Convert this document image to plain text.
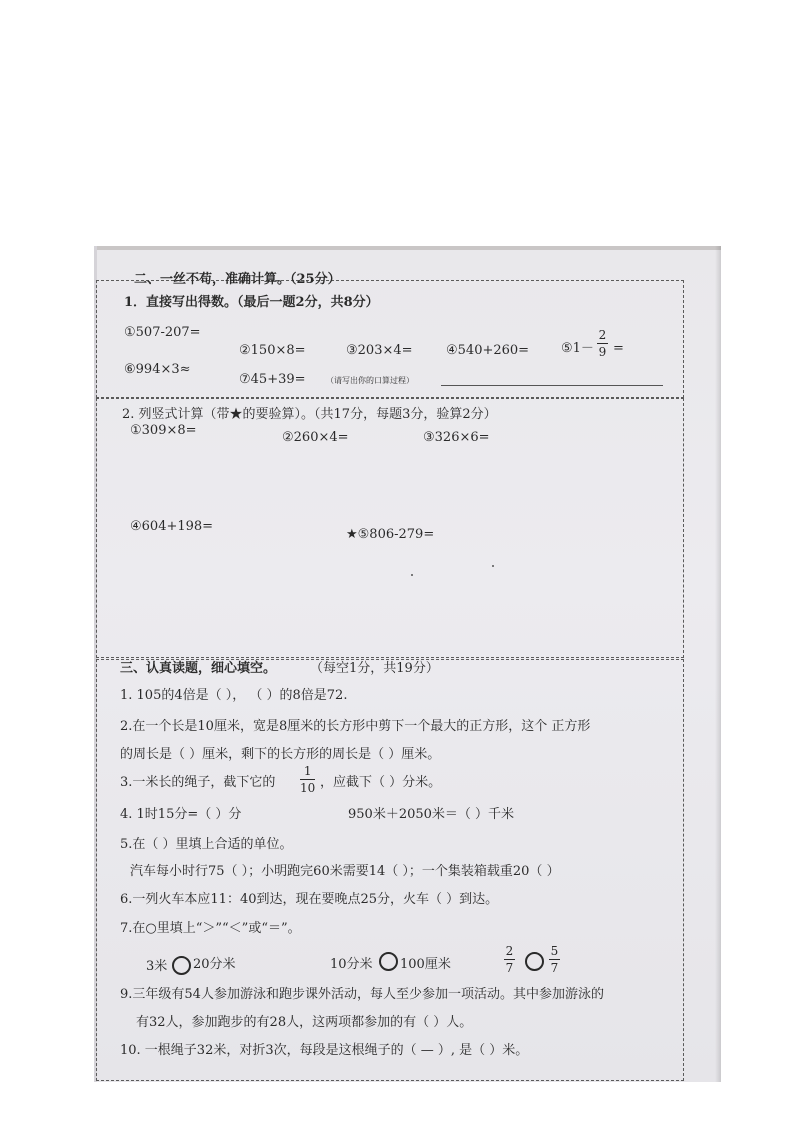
二、一丝不苟，准确计算。（25分）
1．直接写出得数。（最后一题2分，共8分）
①507-207=
②150×8=	③203×4=	④540+260= ⑤1－
2
9 =
⑥994×3≈
⑦45+39=	（请写出你的口算过程）
2. 列竖式计算（带★的要验算）。（共17分，每题3分，验算2分）
①309×8=	②260×4=	③326×6=
④604+198=
★⑤806-279=
三、认真读题，细心填空。	（每空1分，共19分）
1. 105的4倍是（ ）， （ ）的8倍是72.
2.在一个长是10厘米，宽是8厘米的长方形中剪下一个最大的正方形，这个 正方形
的周长是（ ）厘米，剩下的长方形的周长是（ ）厘米。
3.一米长的绳子，截下它的
1
10 ，应截下（ ）分米。
4. 1时15分=（ ）分	950米＋2050米＝（ ）千米
5.在（ ）里填上合适的单位。
汽车每小时行75（ ）；小明跑完60米需要14（ ）；一个集装箱载重20（ ）
6.一列火车本应11：40到达，现在要晚点25分，火车（ ）到达。
7.在○里填上“＞”“＜”或“＝”。
3米 20分米	10分米 100厘米
2
7
5
7
9.三年级有54人参加游泳和跑步课外活动，每人至少参加一项活动。其中参加游泳的
有32人，参加跑步的有28人，这两项都参加的有（ ）人。
10. 一根绳子32米，对折3次，每段是这根绳子的（ — ）, 是（ ）米。
